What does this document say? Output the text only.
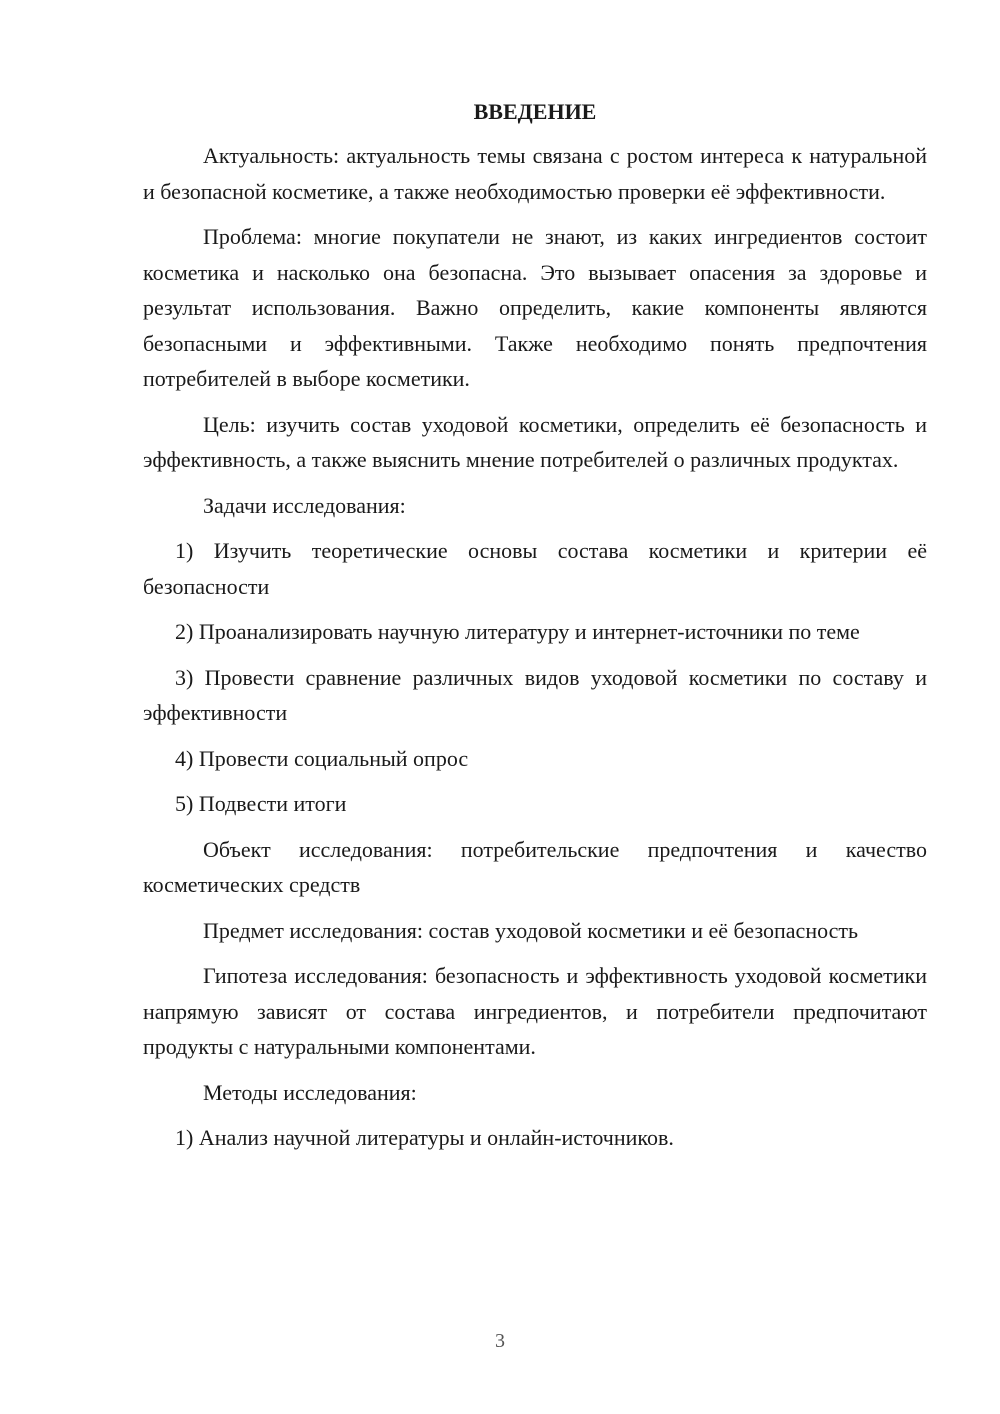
ВВЕДЕНИЕ

Актуальность: актуальность темы связана с ростом интереса к натуральной и безопасной косметике, а также необходимостью проверки её эффективности.

Проблема: многие покупатели не знают, из каких ингредиентов состоит косметика и насколько она безопасна. Это вызывает опасения за здоровье и результат использования. Важно определить, какие компоненты являются безопасными и эффективными. Также необходимо понять предпочтения потребителей в выборе косметики.

Цель: изучить состав уходовой косметики, определить её безопасность и эффективность, а также выяснить мнение потребителей о различных продуктах.

Задачи исследования:

1) Изучить теоретические основы состава косметики и критерии её безопасности

2) Проанализировать научную литературу и интернет-источники по теме

3) Провести сравнение различных видов уходовой косметики по составу и эффективности

4) Провести социальный опрос

5) Подвести итоги

Объект исследования: потребительские предпочтения и качество косметических средств

Предмет исследования: состав уходовой косметики и её безопасность

Гипотеза исследования: безопасность и эффективность уходовой косметики напрямую зависят от состава ингредиентов, и потребители предпочитают продукты с натуральными компонентами.

Методы исследования:

1) Анализ научной литературы и онлайн-источников.

3
